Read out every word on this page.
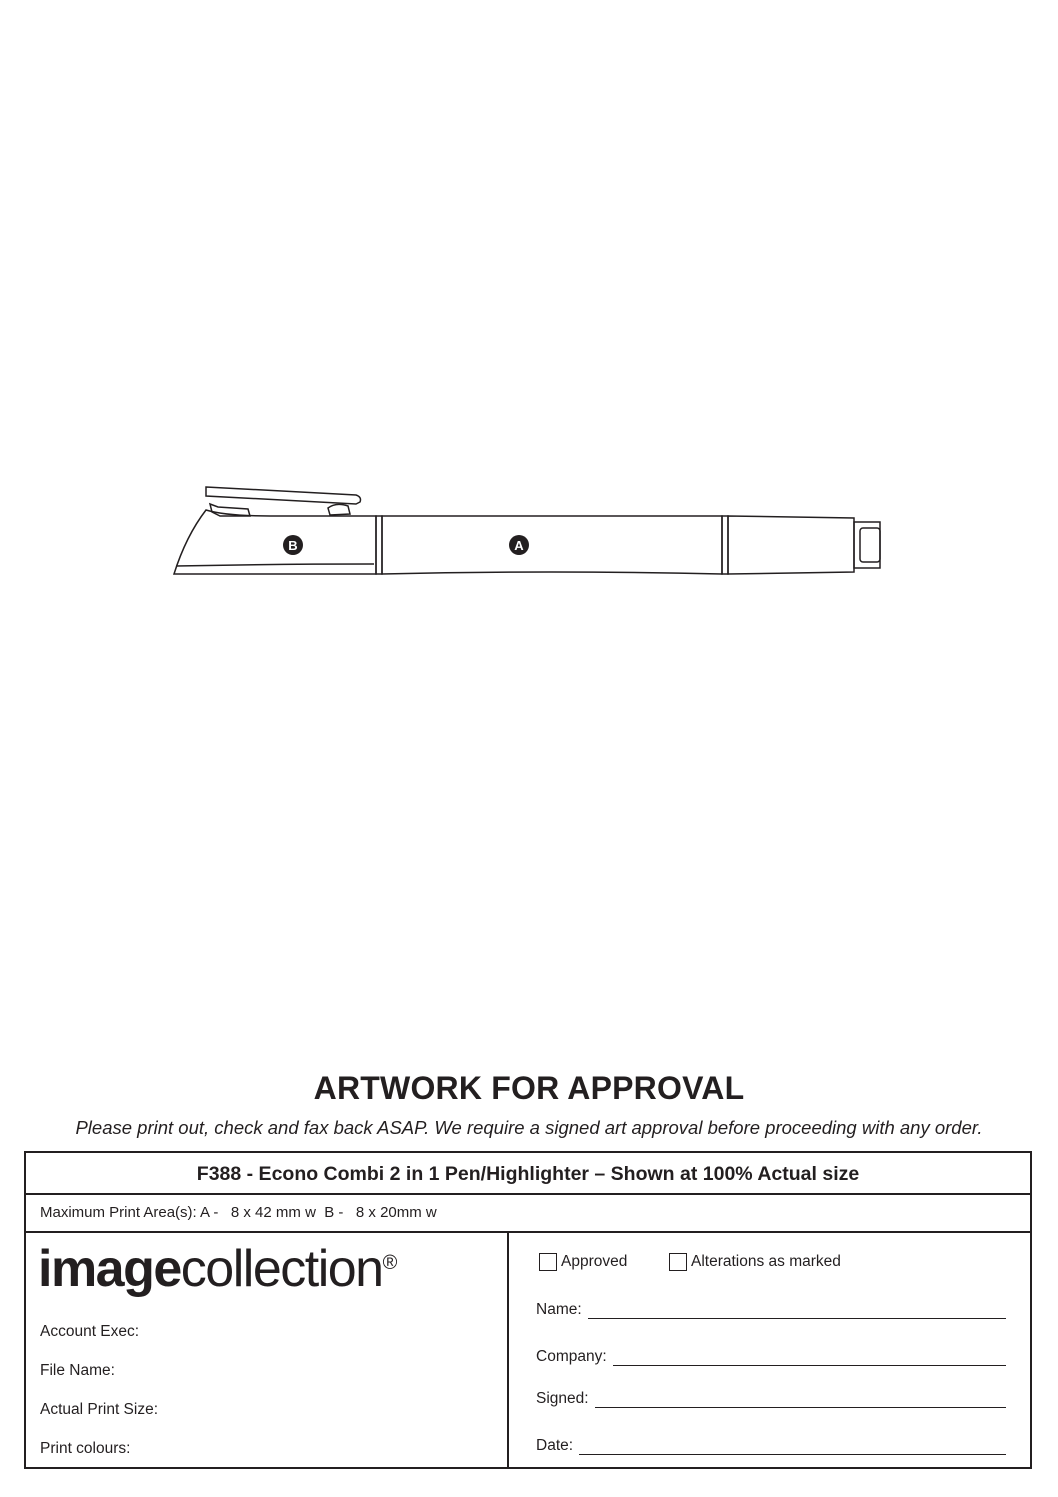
B	A
ARTWORK FOR APPROVAL
Please print out, check and fax back ASAP. We require a signed art approval before proceeding with any order.
F388 - Econo Combi 2 in 1 Pen/Highlighter – Shown at 100% Actual size
Maximum Print Area(s): A -   8 x 42 mm w  B -   8 x 20mm w
imagecollection®
Account Exec:
File Name:
Actual Print Size:
Print colours:
Approved	Alterations as marked
Name:
Company:
Signed:
Date:
